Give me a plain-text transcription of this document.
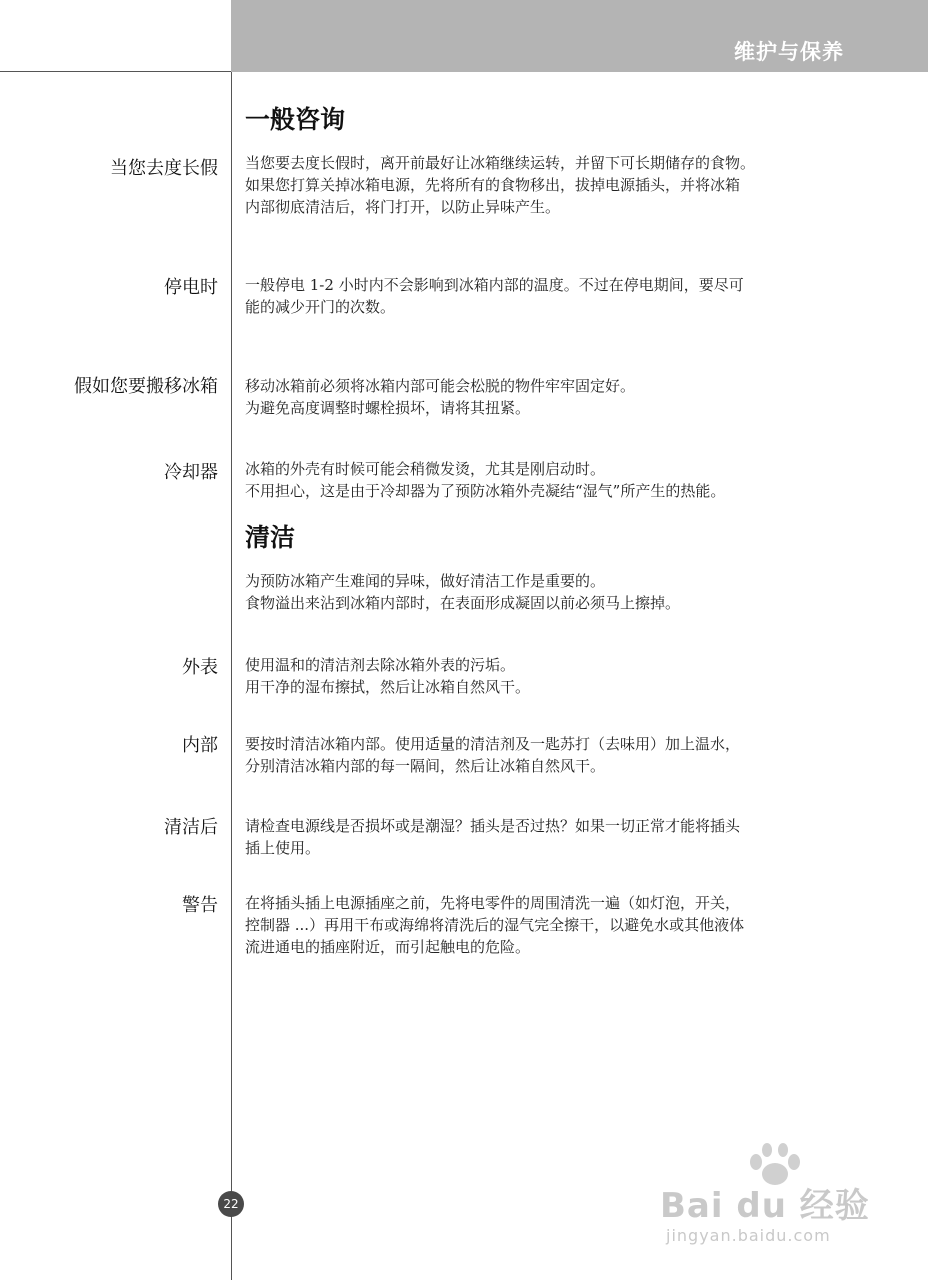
维护与保养
一般咨询
当您去度长假 当您要去度长假时，离开前最好让冰箱继续运转，并留下可长期储存的食物。

如果您打算关掉冰箱电源，先将所有的食物移出，拔掉电源插头，并将冰箱

内部彻底清洁后，将门打开，以防止异味产生。

停电时 一般停电 1-2 小时内不会影响到冰箱内部的温度。不过在停电期间，要尽可

能的减少开门的次数。

假如您要搬移冰箱 移动冰箱前必须将冰箱内部可能会松脱的物件牢牢固定好。

为避免高度调整时螺栓损坏，请将其扭紧。

冷却器 冰箱的外壳有时候可能会稍微发烫，尤其是刚启动时。

不用担心，这是由于冷却器为了预防冰箱外壳凝结“湿气”所产生的热能。

清洁

为预防冰箱产生难闻的异味，做好清洁工作是重要的。

食物溢出来沾到冰箱内部时，在表面形成凝固以前必须马上擦掉。

外表 使用温和的清洁剂去除冰箱外表的污垢。

用干净的湿布擦拭，然后让冰箱自然风干。

内部 要按时清洁冰箱内部。使用适量的清洁剂及一匙苏打（去味用）加上温水，

分别清洁冰箱内部的每一隔间，然后让冰箱自然风干。

清洁后 请检查电源线是否损坏或是潮湿？插头是否过热？如果一切正常才能将插头

插上使用。

警告 在将插头插上电源插座之前，先将电零件的周围清洗一遍（如灯泡，开关，

控制器 ...）再用干布或海绵将清洗后的湿气完全擦干，以避免水或其他液体

流进通电的插座附近，而引起触电的危险。

22	Bai du 经验
jingyan.baidu.com
